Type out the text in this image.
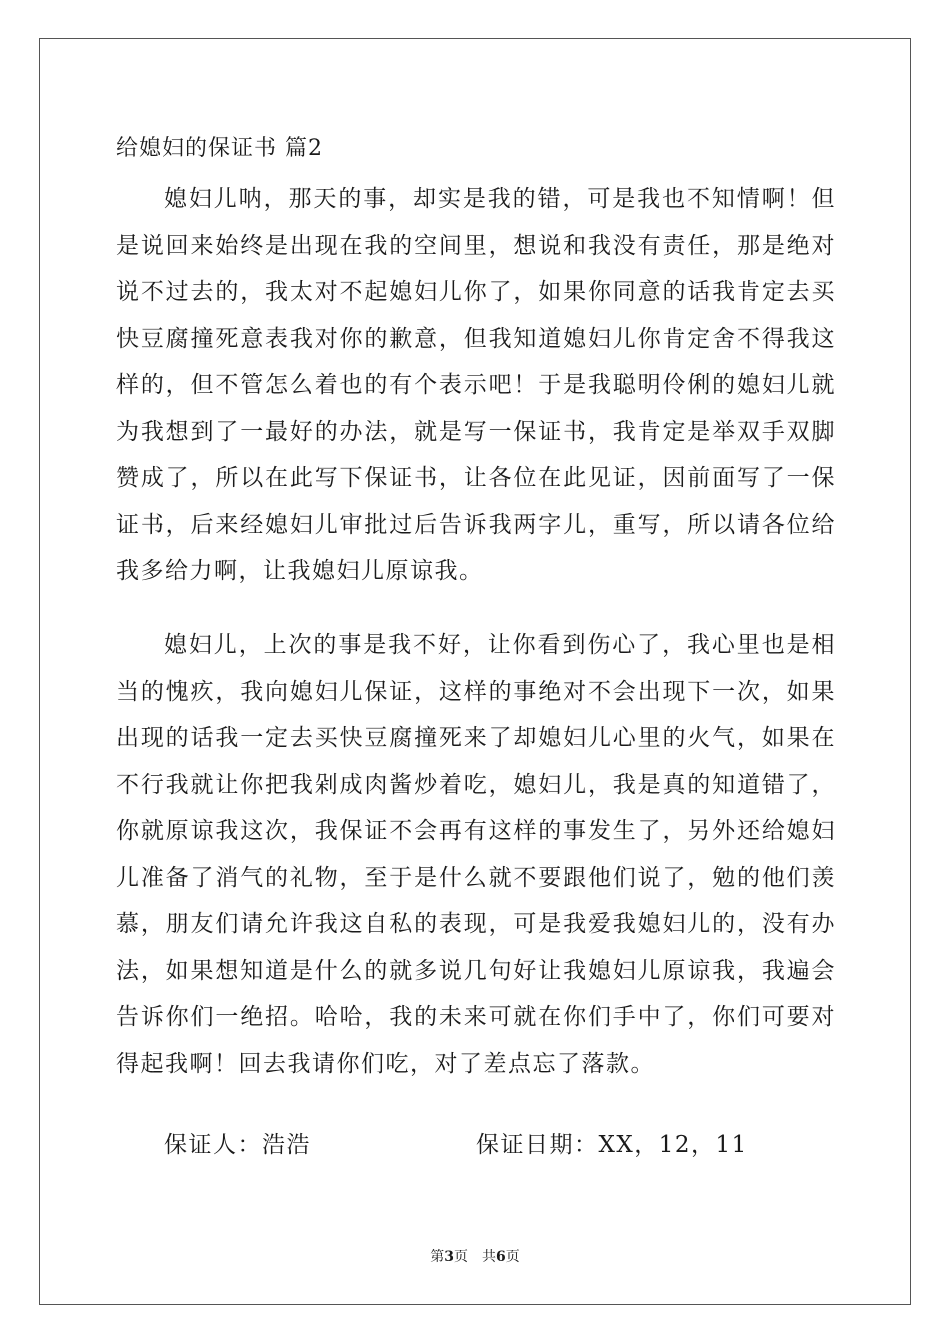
给媳妇的保证书 篇2

媳妇儿呐，那天的事，却实是我的错，可是我也不知情啊！但是说回来始终是出现在我的空间里，想说和我没有责任，那是绝对说不过去的，我太对不起媳妇儿你了，如果你同意的话我肯定去买快豆腐撞死意表我对你的歉意，但我知道媳妇儿你肯定舍不得我这样的，但不管怎么着也的有个表示吧！于是我聪明伶俐的媳妇儿就为我想到了一最好的办法，就是写一保证书，我肯定是举双手双脚赞成了，所以在此写下保证书，让各位在此见证，因前面写了一保证书，后来经媳妇儿审批过后告诉我两字儿，重写，所以请各位给我多给力啊，让我媳妇儿原谅我。

媳妇儿，上次的事是我不好，让你看到伤心了，我心里也是相当的愧疚，我向媳妇儿保证，这样的事绝对不会出现下一次，如果出现的话我一定去买快豆腐撞死来了却媳妇儿心里的火气，如果在不行我就让你把我剁成肉酱炒着吃，媳妇儿，我是真的知道错了，你就原谅我这次，我保证不会再有这样的事发生了，另外还给媳妇儿准备了消气的礼物，至于是什么就不要跟他们说了，勉的他们羡慕，朋友们请允许我这自私的表现，可是我爱我媳妇儿的，没有办法，如果想知道是什么的就多说几句好让我媳妇儿原谅我，我遍会告诉你们一绝招。哈哈，我的未来可就在你们手中了，你们可要对得起我啊！回去我请你们吃，对了差点忘了落款。

保证人：浩浩	保证日期：XX，12，11
第3页　共6页
